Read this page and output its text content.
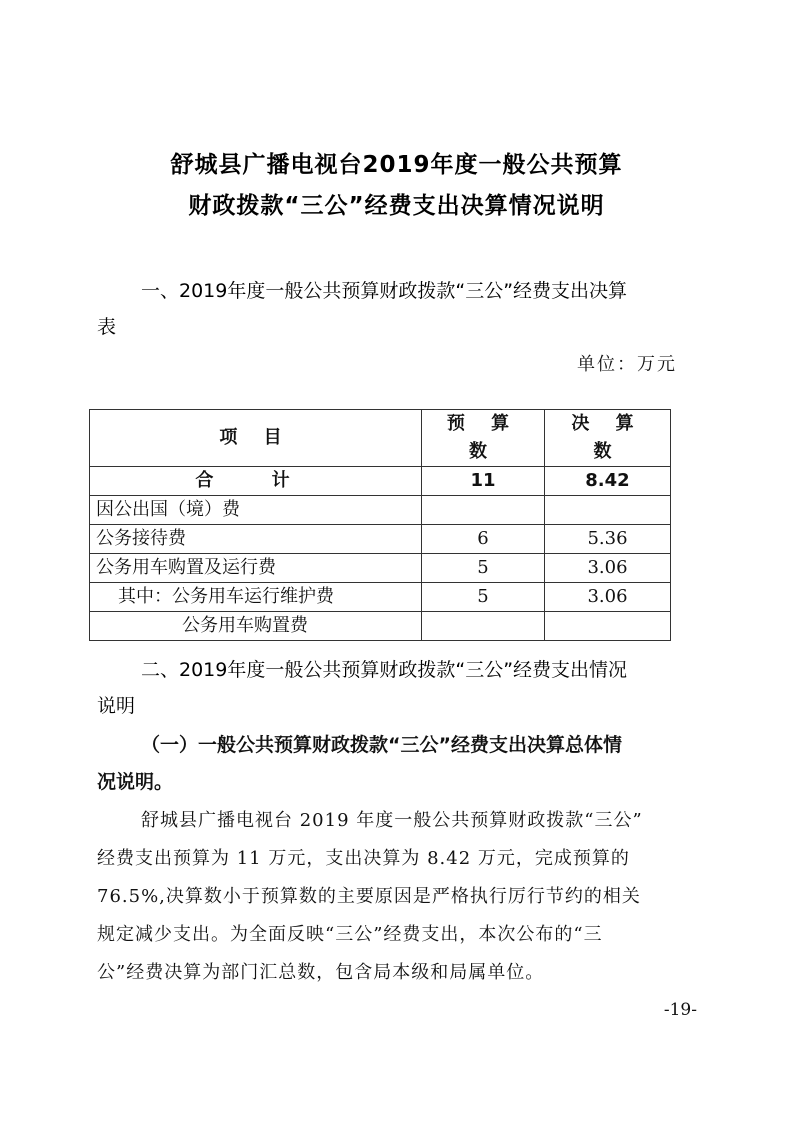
舒城县广播电视台2019年度一般公共预算
财政拨款“三公”经费支出决算情况说明
一、2019年度一般公共预算财政拨款“三公”经费支出决算
表
单位：万元
项 目	预 算 数	决 算 数
合 计	11	8.42
因公出国（境）费		
公务接待费	6	5.36
公务用车购置及运行费	5	3.06
其中：公务用车运行维护费	5	3.06
公务用车购置费		
二、2019年度一般公共预算财政拨款“三公”经费支出情况
说明
（一）一般公共预算财政拨款“三公”经费支出决算总体情
况说明。
舒城县广播电视台 2019 年度一般公共预算财政拨款“三公”
经费支出预算为 11 万元，支出决算为 8.42 万元，完成预算的
76.5%,决算数小于预算数的主要原因是严格执行厉行节约的相关
规定减少支出。为全面反映“三公”经费支出，本次公布的“三
公”经费决算为部门汇总数，包含局本级和局属单位。
-19-
